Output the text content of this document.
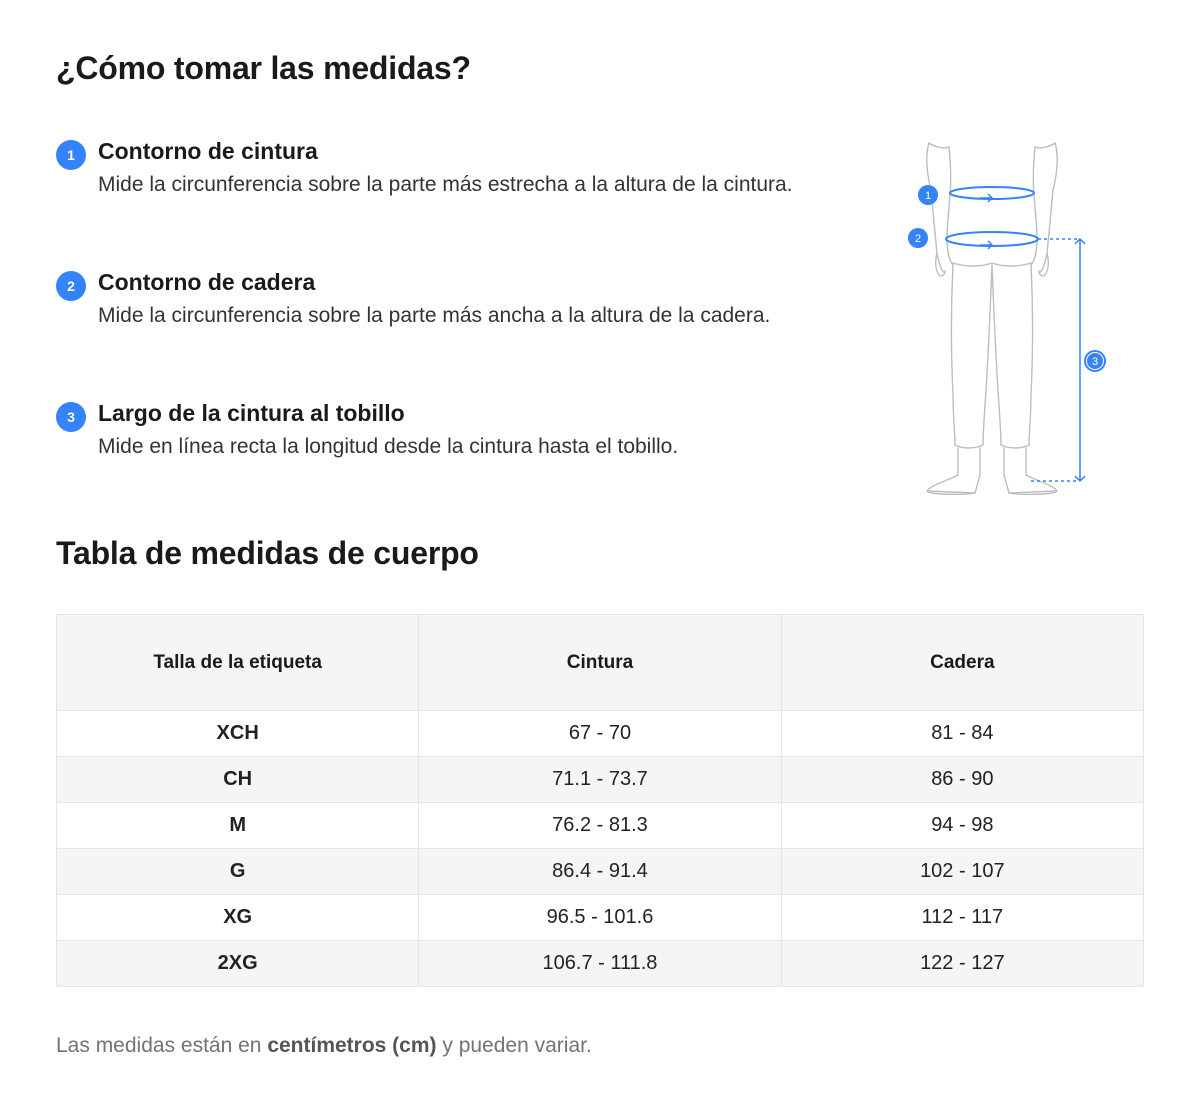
¿Cómo tomar las medidas?
1	Contorno de cintura
Mide la circunferencia sobre la parte más estrecha a la altura de la cintura.
2	Contorno de cadera
Mide la circunferencia sobre la parte más ancha a la altura de la cadera.
3	Largo de la cintura al tobillo
Mide en línea recta la longitud desde la cintura hasta el tobillo.
1
2
3
Tabla de medidas de cuerpo
Talla de la etiqueta	Cintura	Cadera
XCH	67 - 70	81 - 84
CH	71.1 - 73.7	86 - 90
M	76.2 - 81.3	94 - 98
G	86.4 - 91.4	102 - 107
XG	96.5 - 101.6	112 - 117
2XG	106.7 - 111.8	122 - 127

Las medidas están en centímetros (cm) y pueden variar.
